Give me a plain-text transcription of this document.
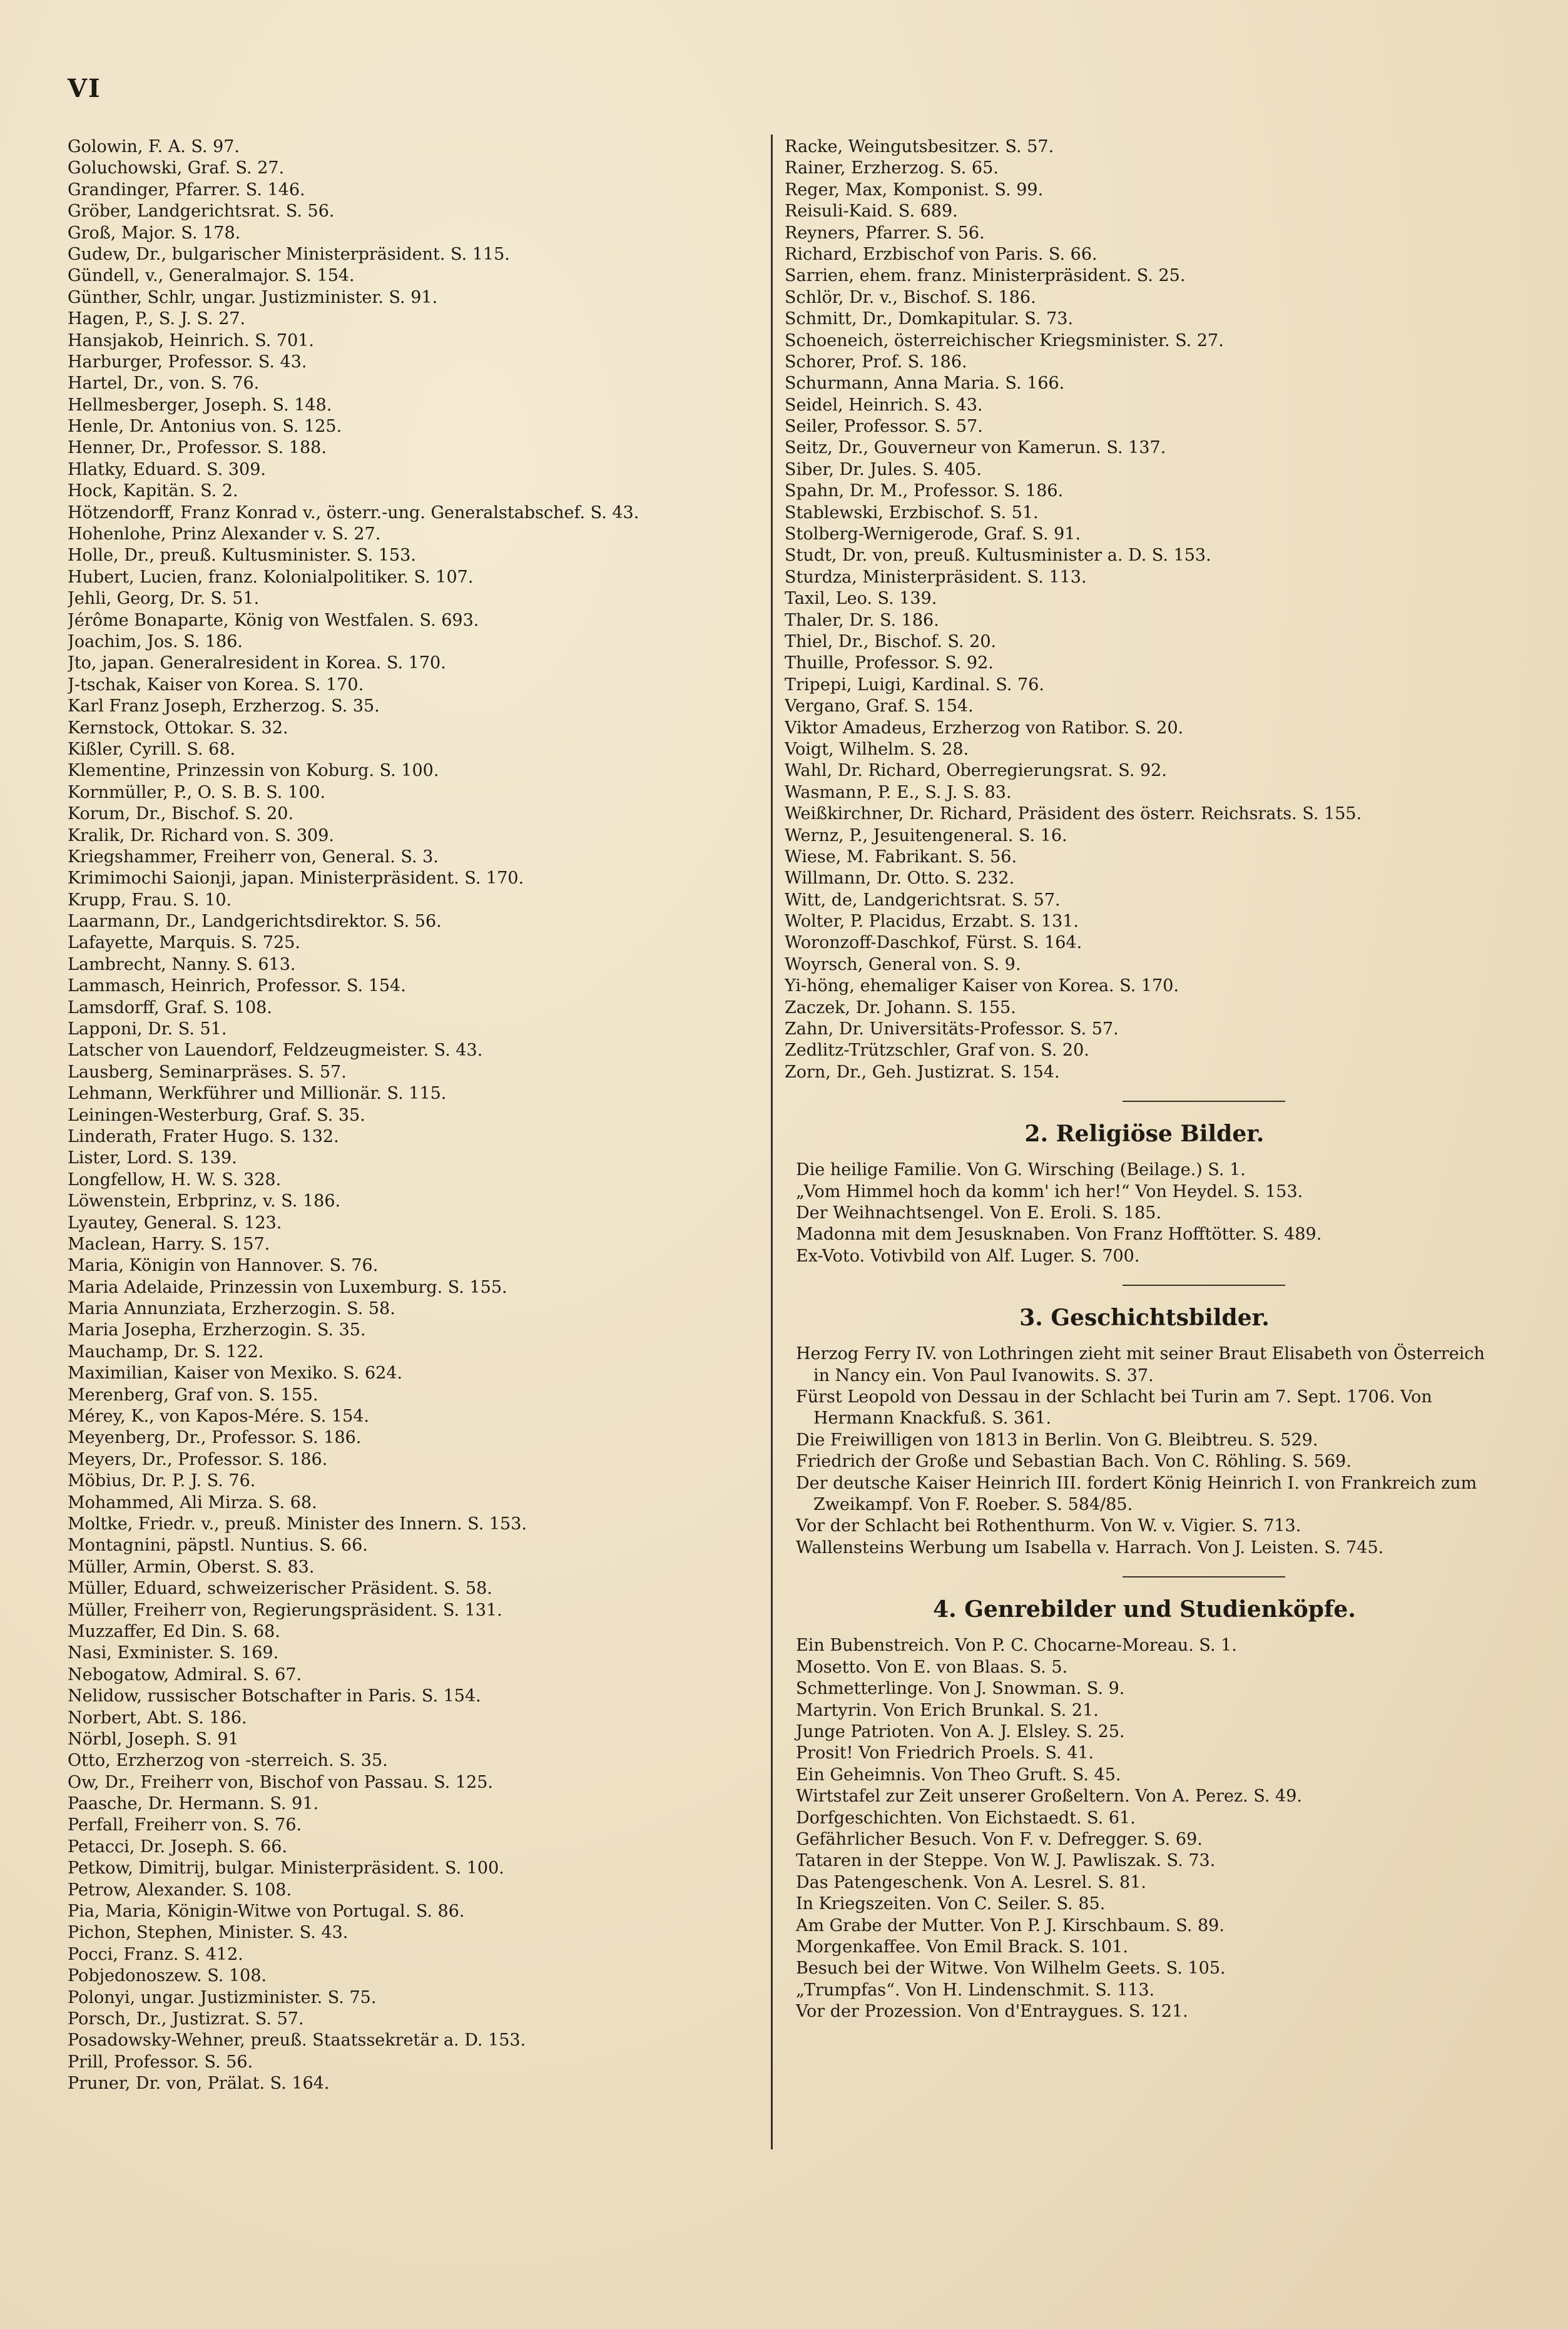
VI
Golowin, F. A. S. 97.
Goluchowski, Graf. S. 27.
Grandinger, Pfarrer. S. 146.
Gröber, Landgerichtsrat. S. 56.
Groß, Major. S. 178.
Gudew, Dr., bulgarischer Ministerpräsident. S. 115.
Gündell, v., Generalmajor. S. 154.
Günther, Schlr, ungar. Justizminister. S. 91.
Hagen, P., S. J. S. 27.
Hansjakob, Heinrich. S. 701.
Harburger, Professor. S. 43.
Hartel, Dr., von. S. 76.
Hellmesberger, Joseph. S. 148.
Henle, Dr. Antonius von. S. 125.
Henner, Dr., Professor. S. 188.
Hlatky, Eduard. S. 309.
Hock, Kapitän. S. 2.
Hötzendorff, Franz Konrad v., österr.-ung. Generalstabschef. S. 43.
Hohenlohe, Prinz Alexander v. S. 27.
Holle, Dr., preuß. Kultusminister. S. 153.
Hubert, Lucien, franz. Kolonialpolitiker. S. 107.
Jehli, Georg, Dr. S. 51.
Jérôme Bonaparte, König von Westfalen. S. 693.
Joachim, Jos. S. 186.
Jto, japan. Generalresident in Korea. S. 170.
J-tschak, Kaiser von Korea. S. 170.
Karl Franz Joseph, Erzherzog. S. 35.
Kernstock, Ottokar. S. 32.
Kißler, Cyrill. S. 68.
Klementine, Prinzessin von Koburg. S. 100.
Kornmüller, P., O. S. B. S. 100.
Korum, Dr., Bischof. S. 20.
Kralik, Dr. Richard von. S. 309.
Kriegshammer, Freiherr von, General. S. 3.
Krimimochi Saionji, japan. Ministerpräsident. S. 170.
Krupp, Frau. S. 10.
Laarmann, Dr., Landgerichtsdirektor. S. 56.
Lafayette, Marquis. S. 725.
Lambrecht, Nanny. S. 613.
Lammasch, Heinrich, Professor. S. 154.
Lamsdorff, Graf. S. 108.
Lapponi, Dr. S. 51.
Latscher von Lauendorf, Feldzeugmeister. S. 43.
Lausberg, Seminarpräses. S. 57.
Lehmann, Werkführer und Millionär. S. 115.
Leiningen-Westerburg, Graf. S. 35.
Linderath, Frater Hugo. S. 132.
Lister, Lord. S. 139.
Longfellow, H. W. S. 328.
Löwenstein, Erbprinz, v. S. 186.
Lyautey, General. S. 123.
Maclean, Harry. S. 157.
Maria, Königin von Hannover. S. 76.
Maria Adelaide, Prinzessin von Luxemburg. S. 155.
Maria Annunziata, Erzherzogin. S. 58.
Maria Josepha, Erzherzogin. S. 35.
Mauchamp, Dr. S. 122.
Maximilian, Kaiser von Mexiko. S. 624.
Merenberg, Graf von. S. 155.
Mérey, K., von Kapos-Mére. S. 154.
Meyenberg, Dr., Professor. S. 186.
Meyers, Dr., Professor. S. 186.
Möbius, Dr. P. J. S. 76.
Mohammed, Ali Mirza. S. 68.
Moltke, Friedr. v., preuß. Minister des Innern. S. 153.
Montagnini, päpstl. Nuntius. S. 66.
Müller, Armin, Oberst. S. 83.
Müller, Eduard, schweizerischer Präsident. S. 58.
Müller, Freiherr von, Regierungspräsident. S. 131.
Muzzaffer, Ed Din. S. 68.
Nasi, Exminister. S. 169.
Nebogatow, Admiral. S. 67.
Nelidow, russischer Botschafter in Paris. S. 154.
Norbert, Abt. S. 186.
Nörbl, Joseph. S. 91
Otto, Erzherzog von -sterreich. S. 35.
Ow, Dr., Freiherr von, Bischof von Passau. S. 125.
Paasche, Dr. Hermann. S. 91.
Perfall, Freiherr von. S. 76.
Petacci, Dr. Joseph. S. 66.
Petkow, Dimitrij, bulgar. Ministerpräsident. S. 100.
Petrow, Alexander. S. 108.
Pia, Maria, Königin-Witwe von Portugal. S. 86.
Pichon, Stephen, Minister. S. 43.
Pocci, Franz. S. 412.
Pobjedonoszew. S. 108.
Polonyi, ungar. Justizminister. S. 75.
Porsch, Dr., Justizrat. S. 57.
Posadowsky-Wehner, preuß. Staatssekretär a. D. 153.
Prill, Professor. S. 56.
Pruner, Dr. von, Prälat. S. 164.
Racke, Weingutsbesitzer. S. 57.
Rainer, Erzherzog. S. 65.
Reger, Max, Komponist. S. 99.
Reisuli-Kaid. S. 689.
Reyners, Pfarrer. S. 56.
Richard, Erzbischof von Paris. S. 66.
Sarrien, ehem. franz. Ministerpräsident. S. 25.
Schlör, Dr. v., Bischof. S. 186.
Schmitt, Dr., Domkapitular. S. 73.
Schoeneich, österreichischer Kriegsminister. S. 27.
Schorer, Prof. S. 186.
Schurmann, Anna Maria. S. 166.
Seidel, Heinrich. S. 43.
Seiler, Professor. S. 57.
Seitz, Dr., Gouverneur von Kamerun. S. 137.
Siber, Dr. Jules. S. 405.
Spahn, Dr. M., Professor. S. 186.
Stablewski, Erzbischof. S. 51.
Stolberg-Wernigerode, Graf. S. 91.
Studt, Dr. von, preuß. Kultusminister a. D. S. 153.
Sturdza, Ministerpräsident. S. 113.
Taxil, Leo. S. 139.
Thaler, Dr. S. 186.
Thiel, Dr., Bischof. S. 20.
Thuille, Professor. S. 92.
Tripepi, Luigi, Kardinal. S. 76.
Vergano, Graf. S. 154.
Viktor Amadeus, Erzherzog von Ratibor. S. 20.
Voigt, Wilhelm. S. 28.
Wahl, Dr. Richard, Oberregierungsrat. S. 92.
Wasmann, P. E., S. J. S. 83.
Weißkirchner, Dr. Richard, Präsident des österr. Reichsrats. S. 155.
Wernz, P., Jesuitengeneral. S. 16.
Wiese, M. Fabrikant. S. 56.
Willmann, Dr. Otto. S. 232.
Witt, de, Landgerichtsrat. S. 57.
Wolter, P. Placidus, Erzabt. S. 131.
Woronzoff-Daschkof, Fürst. S. 164.
Woyrsch, General von. S. 9.
Yi-höng, ehemaliger Kaiser von Korea. S. 170.
Zaczek, Dr. Johann. S. 155.
Zahn, Dr. Universitäts-Professor. S. 57.
Zedlitz-Trützschler, Graf von. S. 20.
Zorn, Dr., Geh. Justizrat. S. 154.
2. Religiöse Bilder.
Die heilige Familie. Von G. Wirsching (Beilage.) S. 1.
„Vom Himmel hoch da komm' ich her!“ Von Heydel. S. 153.
Der Weihnachtsengel. Von E. Eroli. S. 185.
Madonna mit dem Jesusknaben. Von Franz Hofftötter. S. 489.
Ex-Voto. Votivbild von Alf. Luger. S. 700.
3. Geschichtsbilder.
Herzog Ferry IV. von Lothringen zieht mit seiner Braut Elisabeth von Österreich in Nancy ein. Von Paul Ivanowits. S. 37.
Fürst Leopold von Dessau in der Schlacht bei Turin am 7. Sept. 1706. Von Hermann Knackfuß. S. 361.
Die Freiwilligen von 1813 in Berlin. Von G. Bleibtreu. S. 529.
Friedrich der Große und Sebastian Bach. Von C. Röhling. S. 569.
Der deutsche Kaiser Heinrich III. fordert König Heinrich I. von Frankreich zum Zweikampf. Von F. Roeber. S. 584/85.
Vor der Schlacht bei Rothenthurm. Von W. v. Vigier. S. 713.
Wallensteins Werbung um Isabella v. Harrach. Von J. Leisten. S. 745.
4. Genrebilder und Studienköpfe.
Ein Bubenstreich. Von P. C. Chocarne-Moreau. S. 1.
Mosetto. Von E. von Blaas. S. 5.
Schmetterlinge. Von J. Snowman. S. 9.
Martyrin. Von Erich Brunkal. S. 21.
Junge Patrioten. Von A. J. Elsley. S. 25.
Prosit! Von Friedrich Proels. S. 41.
Ein Geheimnis. Von Theo Gruft. S. 45.
Wirtstafel zur Zeit unserer Großeltern. Von A. Perez. S. 49.
Dorfgeschichten. Von Eichstaedt. S. 61.
Gefährlicher Besuch. Von F. v. Defregger. S. 69.
Tataren in der Steppe. Von W. J. Pawliszak. S. 73.
Das Patengeschenk. Von A. Lesrel. S. 81.
In Kriegszeiten. Von C. Seiler. S. 85.
Am Grabe der Mutter. Von P. J. Kirschbaum. S. 89.
Morgenkaffee. Von Emil Brack. S. 101.
Besuch bei der Witwe. Von Wilhelm Geets. S. 105.
„Trumpfas“. Von H. Lindenschmit. S. 113.
Vor der Prozession. Von d'Entraygues. S. 121.
